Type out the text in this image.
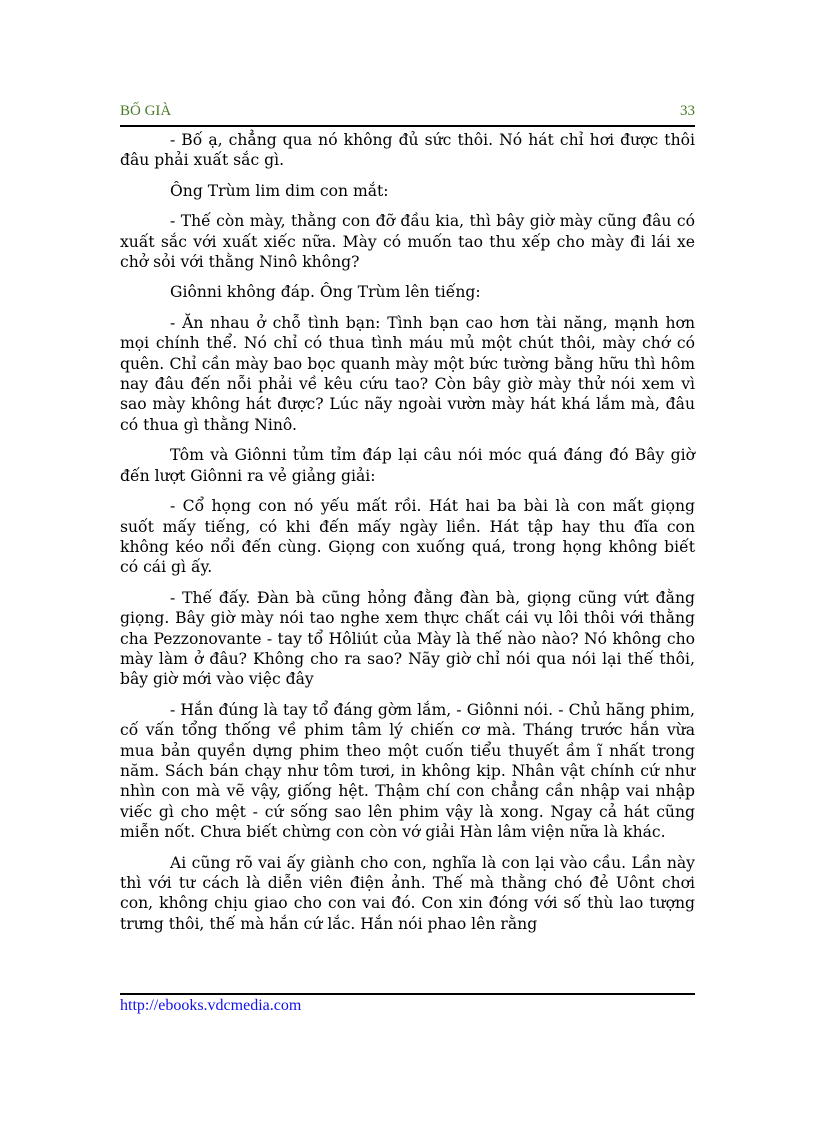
BỐ GIÀ	33

- Bố ạ, chẳng qua nó không đủ sức thôi. Nó hát chỉ hơi được thôi đâu phải xuất sắc gì.

Ông Trùm lim dim con mắt:

- Thế còn mày, thằng con đỡ đầu kia, thì bây giờ mày cũng đâu có xuất sắc với xuất xiếc nữa. Mày có muốn tao thu xếp cho mày đi lái xe chở sỏi với thằng Ninô không?

Giônni không đáp. Ông Trùm lên tiếng:

- Ăn nhau ở chỗ tình bạn: Tình bạn cao hơn tài năng, mạnh hơn mọi chính thể. Nó chỉ có thua tình máu mủ một chút thôi, mày chớ có quên. Chỉ cần mày bao bọc quanh mày một bức tường bằng hữu thì hôm nay đâu đến nỗi phải về kêu cứu tao? Còn bây giờ mày thử nói xem vì sao mày không hát được? Lúc nãy ngoài vườn mày hát khá lắm mà, đâu có thua gì thằng Ninô.

Tôm và Giônni tủm tỉm đáp lại câu nói móc quá đáng đó Bây giờ đến lượt Giônni ra vẻ giảng giải:

- Cổ họng con nó yếu mất rồi. Hát hai ba bài là con mất giọng suốt mấy tiếng, có khi đến mấy ngày liền. Hát tập hay thu đĩa con không kéo nổi đến cùng. Giọng con xuống quá, trong họng không biết có cái gì ấy.

- Thế đấy. Đàn bà cũng hỏng đằng đàn bà, giọng cũng vứt đằng giọng. Bây giờ mày nói tao nghe xem thực chất cái vụ lôi thôi với thằng cha Pezzonovante - tay tổ Hôliút của Mày là thế nào nào? Nó không cho mày làm ở đâu? Không cho ra sao? Nãy giờ chỉ nói qua nói lại thế thôi, bây giờ mới vào việc đây

- Hắn đúng là tay tổ đáng gờm lắm, - Giônni nói. - Chủ hãng phim, cố vấn tổng thống về phim tâm lý chiến cơ mà. Tháng trước hắn vừa mua bản quyền dựng phim theo một cuốn tiểu thuyết ầm ĩ nhất trong năm. Sách bán chạy như tôm tươi, in không kịp. Nhân vật chính cứ như nhìn con mà vẽ vậy, giống hệt. Thậm chí con chẳng cần nhập vai nhập viếc gì cho mệt - cứ sống sao lên phim vậy là xong. Ngay cả hát cũng miễn nốt. Chưa biết chừng con còn vớ giải Hàn lâm viện nữa là khác.

Ai cũng rõ vai ấy giành cho con, nghĩa là con lại vào cầu. Lần này thì với tư cách là diễn viên điện ảnh. Thế mà thằng chó đẻ Uônt chơi con, không chịu giao cho con vai đó. Con xin đóng với số thù lao tượng trưng thôi, thế mà hắn cứ lắc. Hắn nói phao lên rằng

http://ebooks.vdcmedia.com
